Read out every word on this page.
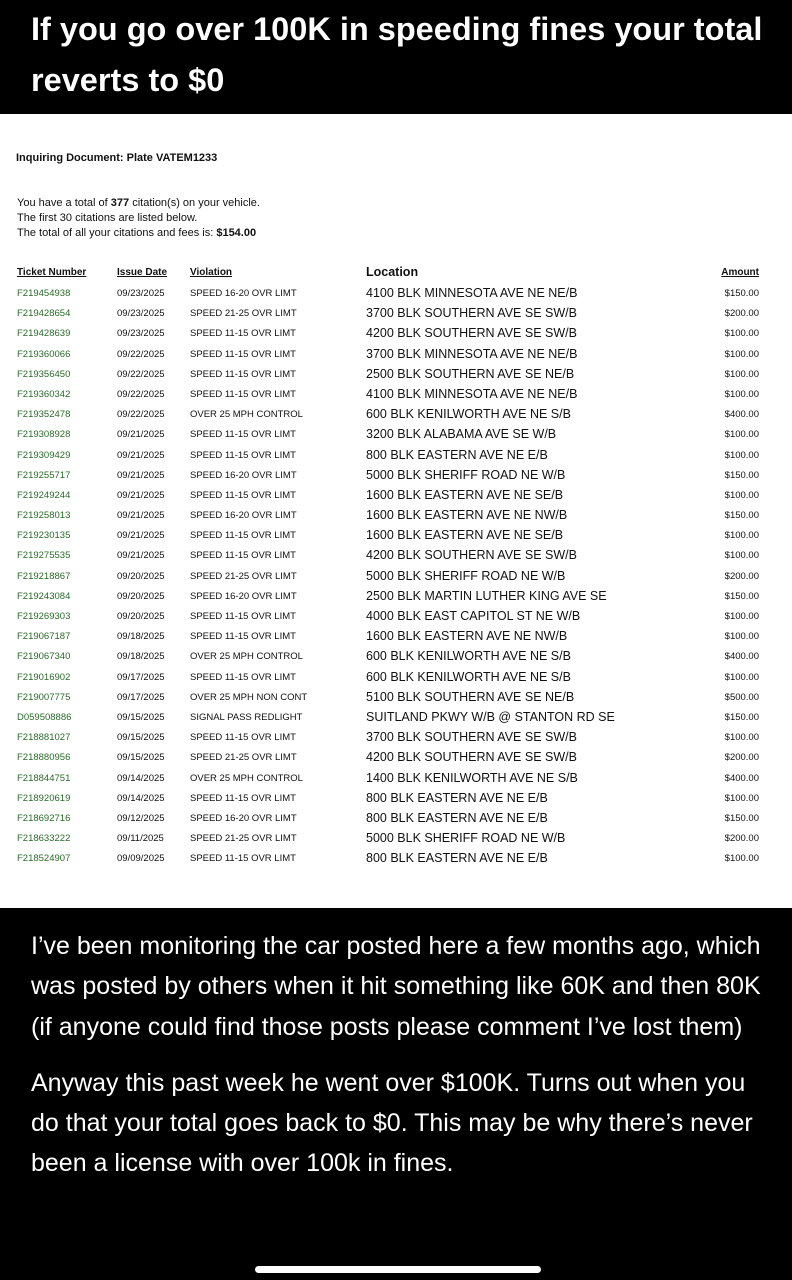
If you go over 100K in speeding fines your total reverts to $0
Inquiring Document: Plate VATEM1233
You have a total of 377 citation(s) on your vehicle.
The first 30 citations are listed below.
The total of all your citations and fees is: $154.00
Ticket Number	Issue Date Violation	Location	Amount
F219454938	09/23/2025	SPEED 16-20 OVR LIMT	4100 BLK MINNESOTA AVE NE NE/B	$150.00
F219428654	09/23/2025	SPEED 21-25 OVR LIMT	3700 BLK SOUTHERN AVE SE SW/B	$200.00
F219428639	09/23/2025	SPEED 11-15 OVR LIMT	4200 BLK SOUTHERN AVE SE SW/B	$100.00
F219360066	09/22/2025	SPEED 11-15 OVR LIMT	3700 BLK MINNESOTA AVE NE NE/B	$100.00
F219356450	09/22/2025	SPEED 11-15 OVR LIMT	2500 BLK SOUTHERN AVE SE NE/B	$100.00
F219360342	09/22/2025	SPEED 11-15 OVR LIMT	4100 BLK MINNESOTA AVE NE NE/B	$100.00
F219352478	09/22/2025	OVER 25 MPH CONTROL	600 BLK KENILWORTH AVE NE S/B	$400.00
F219308928	09/21/2025	SPEED 11-15 OVR LIMT	3200 BLK ALABAMA AVE SE W/B	$100.00
F219309429	09/21/2025	SPEED 11-15 OVR LIMT	800 BLK EASTERN AVE NE E/B	$100.00
F219255717	09/21/2025	SPEED 16-20 OVR LIMT	5000 BLK SHERIFF ROAD NE W/B	$150.00
F219249244	09/21/2025	SPEED 11-15 OVR LIMT	1600 BLK EASTERN AVE NE SE/B	$100.00
F219258013	09/21/2025	SPEED 16-20 OVR LIMT	1600 BLK EASTERN AVE NE NW/B	$150.00
F219230135	09/21/2025	SPEED 11-15 OVR LIMT	1600 BLK EASTERN AVE NE SE/B	$100.00
F219275535	09/21/2025	SPEED 11-15 OVR LIMT	4200 BLK SOUTHERN AVE SE SW/B	$100.00
F219218867	09/20/2025	SPEED 21-25 OVR LIMT	5000 BLK SHERIFF ROAD NE W/B	$200.00
F219243084	09/20/2025	SPEED 16-20 OVR LIMT	2500 BLK MARTIN LUTHER KING AVE SE	$150.00
F219269303	09/20/2025	SPEED 11-15 OVR LIMT	4000 BLK EAST CAPITOL ST NE W/B	$100.00
F219067187	09/18/2025	SPEED 11-15 OVR LIMT	1600 BLK EASTERN AVE NE NW/B	$100.00
F219067340	09/18/2025	OVER 25 MPH CONTROL	600 BLK KENILWORTH AVE NE S/B	$400.00
F219016902	09/17/2025	SPEED 11-15 OVR LIMT	600 BLK KENILWORTH AVE NE S/B	$100.00
F219007775	09/17/2025	OVER 25 MPH NON CONT	5100 BLK SOUTHERN AVE SE NE/B	$500.00
D059508886	09/15/2025	SIGNAL PASS REDLIGHT	SUITLAND PKWY W/B @ STANTON RD SE	$150.00
F218881027	09/15/2025	SPEED 11-15 OVR LIMT	3700 BLK SOUTHERN AVE SE SW/B	$100.00
F218880956	09/15/2025	SPEED 21-25 OVR LIMT	4200 BLK SOUTHERN AVE SE SW/B	$200.00
F218844751	09/14/2025	OVER 25 MPH CONTROL	1400 BLK KENILWORTH AVE NE S/B	$400.00
F218920619	09/14/2025	SPEED 11-15 OVR LIMT	800 BLK EASTERN AVE NE E/B	$100.00
F218692716	09/12/2025	SPEED 16-20 OVR LIMT	800 BLK EASTERN AVE NE E/B	$150.00
F218633222	09/11/2025	SPEED 21-25 OVR LIMT	5000 BLK SHERIFF ROAD NE W/B	$200.00
F218524907	09/09/2025	SPEED 11-15 OVR LIMT	800 BLK EASTERN AVE NE E/B	$100.00

I’ve been monitoring the car posted here a few months ago, which was posted by others when it hit something like 60K and then 80K (if anyone could find those posts please comment I’ve lost them)

Anyway this past week he went over $100K. Turns out when you do that your total goes back to $0. This may be why there’s never been a license with over 100k in fines.
